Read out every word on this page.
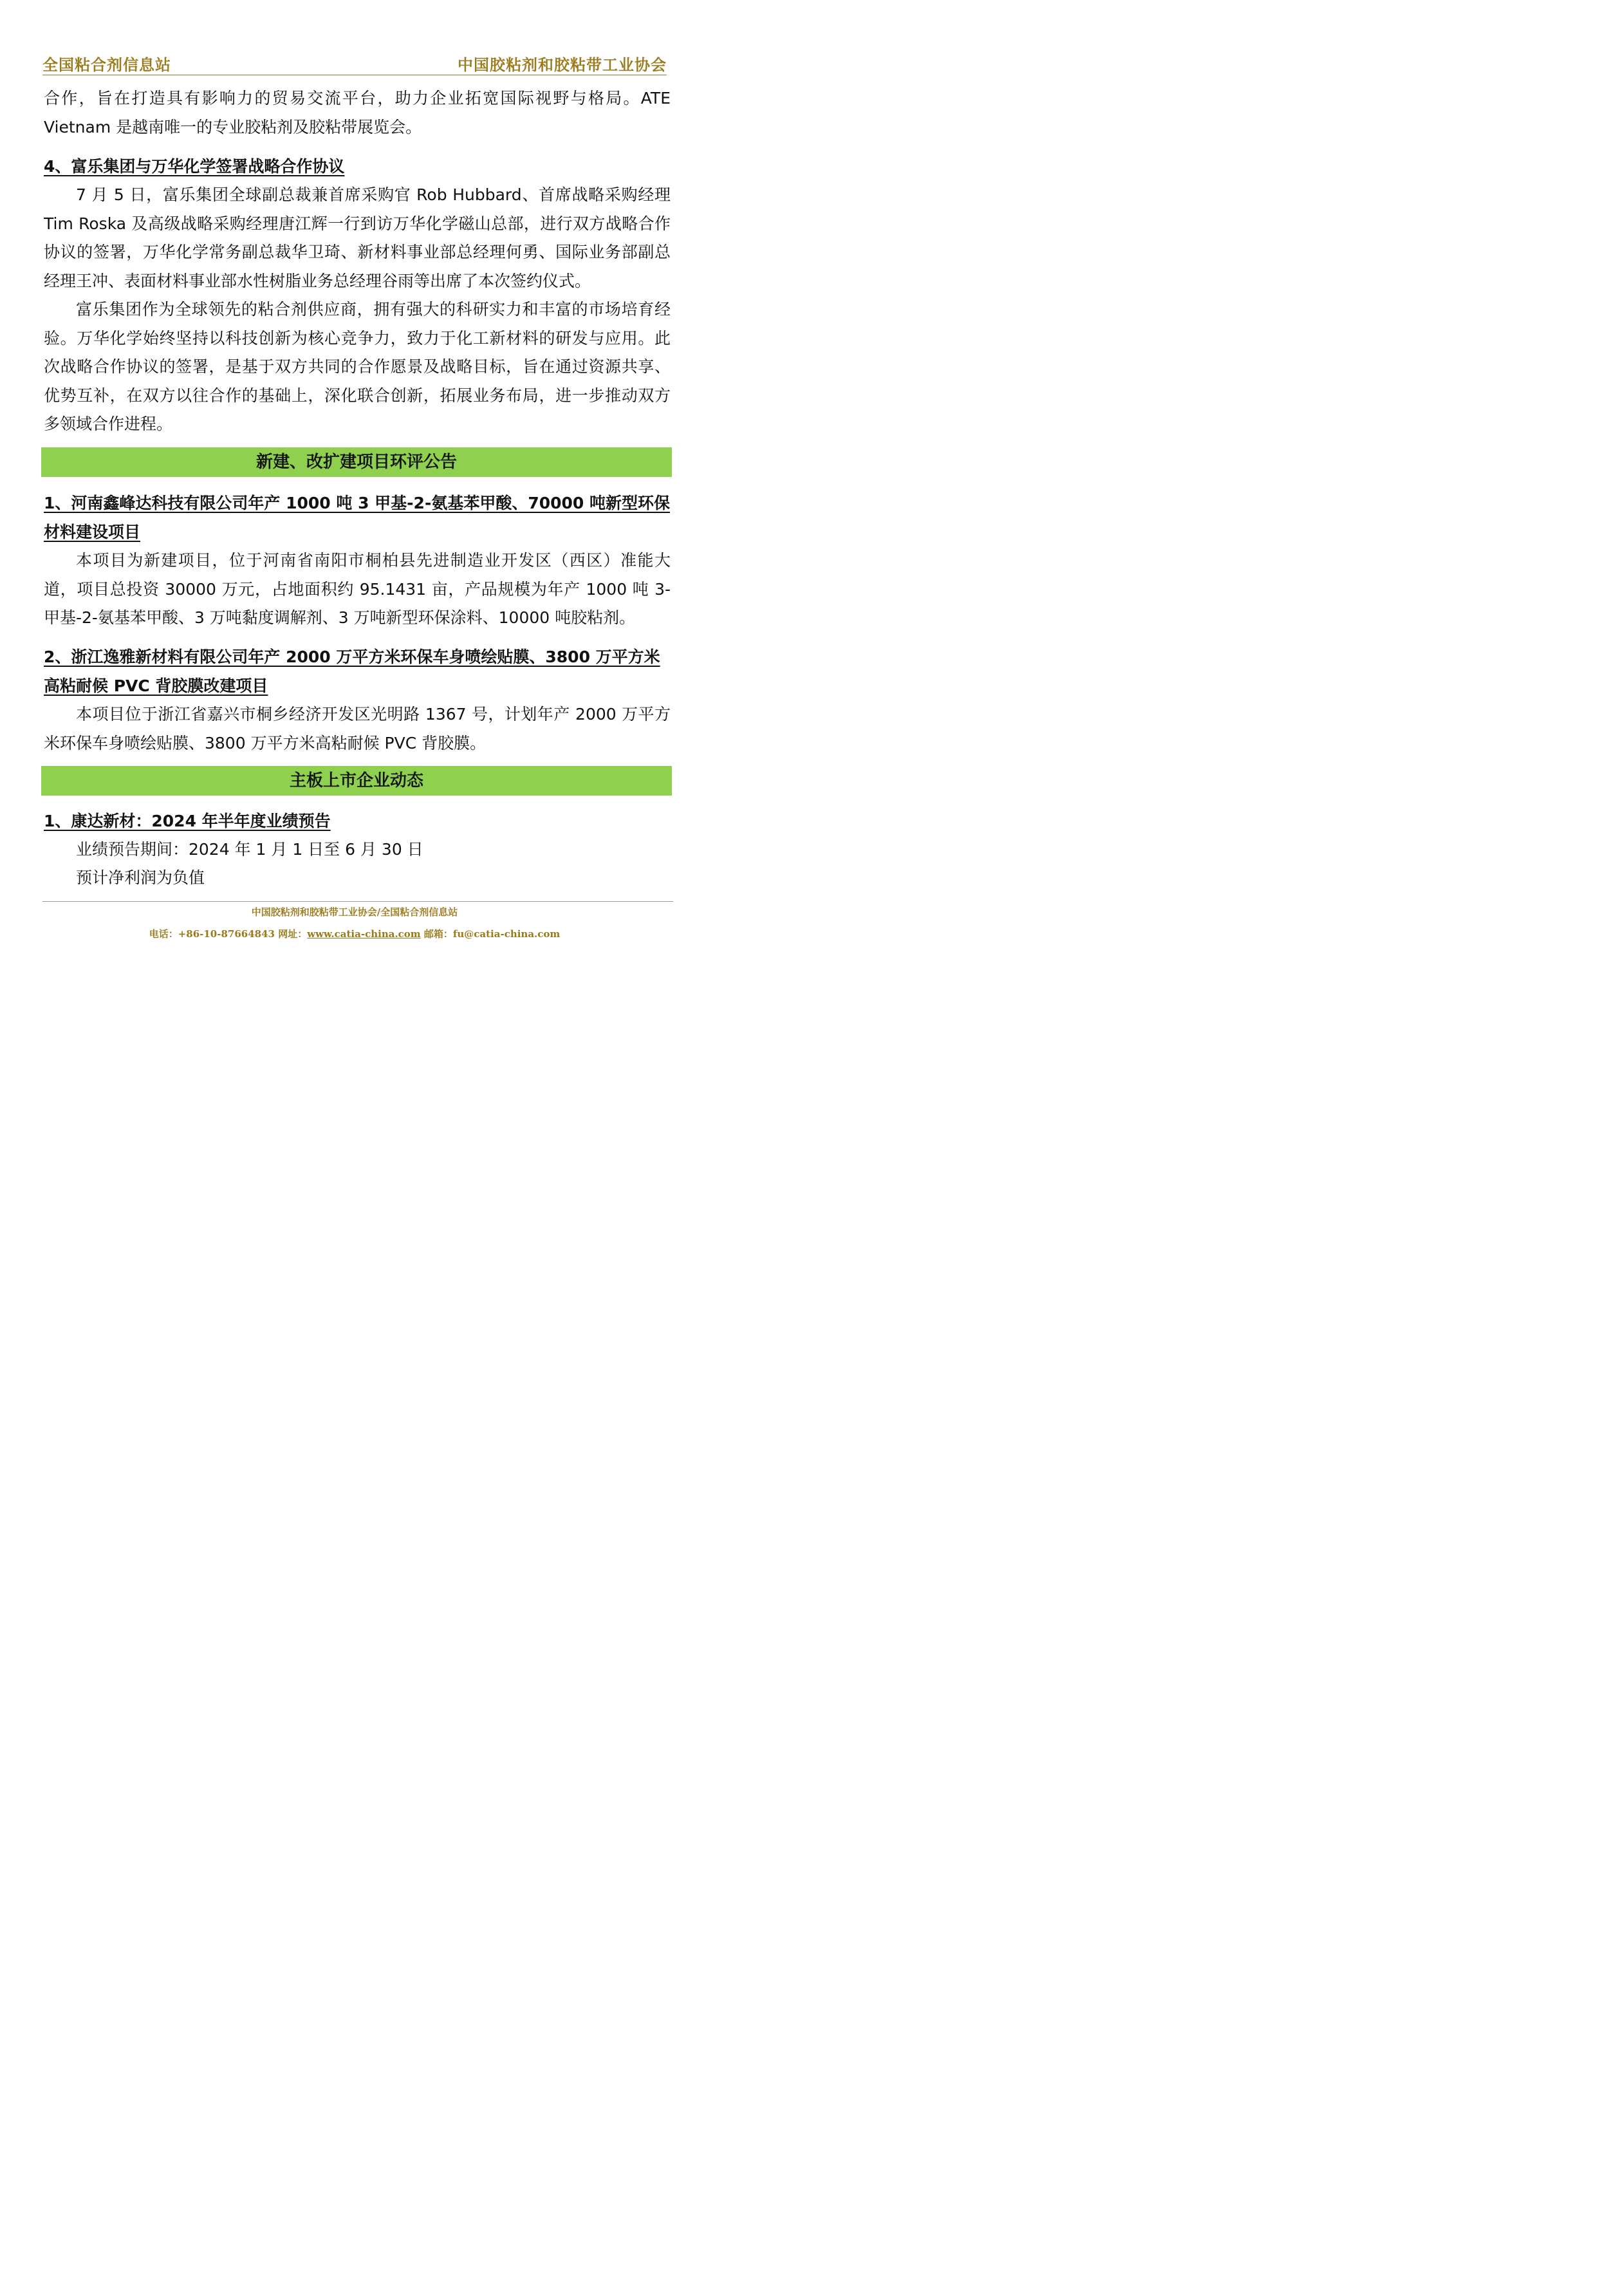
全国粘合剂信息站	中国胶粘剂和胶粘带工业协会

合作，旨在打造具有影响力的贸易交流平台，助力企业拓宽国际视野与格局。ATE Vietnam 是越南唯一的专业胶粘剂及胶粘带展览会。

4、富乐集团与万华化学签署战略合作协议

7 月 5 日，富乐集团全球副总裁兼首席采购官 Rob Hubbard、首席战略采购经理 Tim Roska 及高级战略采购经理唐江辉一行到访万华化学磁山总部，进行双方战略合作协议的签署，万华化学常务副总裁华卫琦、新材料事业部总经理何勇、国际业务部副总经理王冲、表面材料事业部水性树脂业务总经理谷雨等出席了本次签约仪式。

富乐集团作为全球领先的粘合剂供应商，拥有强大的科研实力和丰富的市场培育经验。万华化学始终坚持以科技创新为核心竞争力，致力于化工新材料的研发与应用。此次战略合作协议的签署，是基于双方共同的合作愿景及战略目标，旨在通过资源共享、优势互补，在双方以往合作的基础上，深化联合创新，拓展业务布局，进一步推动双方多领域合作进程。

新建、改扩建项目环评公告
1、河南鑫峰达科技有限公司年产 1000 吨 3 甲基-2-氨基苯甲酸、70000 吨新型环保材料建设项目

本项目为新建项目，位于河南省南阳市桐柏县先进制造业开发区（西区）准能大道，项目总投资 30000 万元，占地面积约 95.1431 亩，产品规模为年产 1000 吨 3-甲基-2-氨基苯甲酸、3 万吨黏度调解剂、3 万吨新型环保涂料、10000 吨胶粘剂。

2、浙江逸雅新材料有限公司年产 2000 万平方米环保车身喷绘贴膜、3800 万平方米高粘耐候 PVC 背胶膜改建项目

本项目位于浙江省嘉兴市桐乡经济开发区光明路 1367 号，计划年产 2000 万平方米环保车身喷绘贴膜、3800 万平方米高粘耐候 PVC 背胶膜。

主板上市企业动态
1、康达新材：2024 年半年度业绩预告

业绩预告期间：2024 年 1 月 1 日至 6 月 30 日

预计净利润为负值

中国胶粘剂和胶粘带工业协会/全国粘合剂信息站
电话：+86-10-87664843 网址：www.catia-china.com 邮箱：fu@catia-china.com
